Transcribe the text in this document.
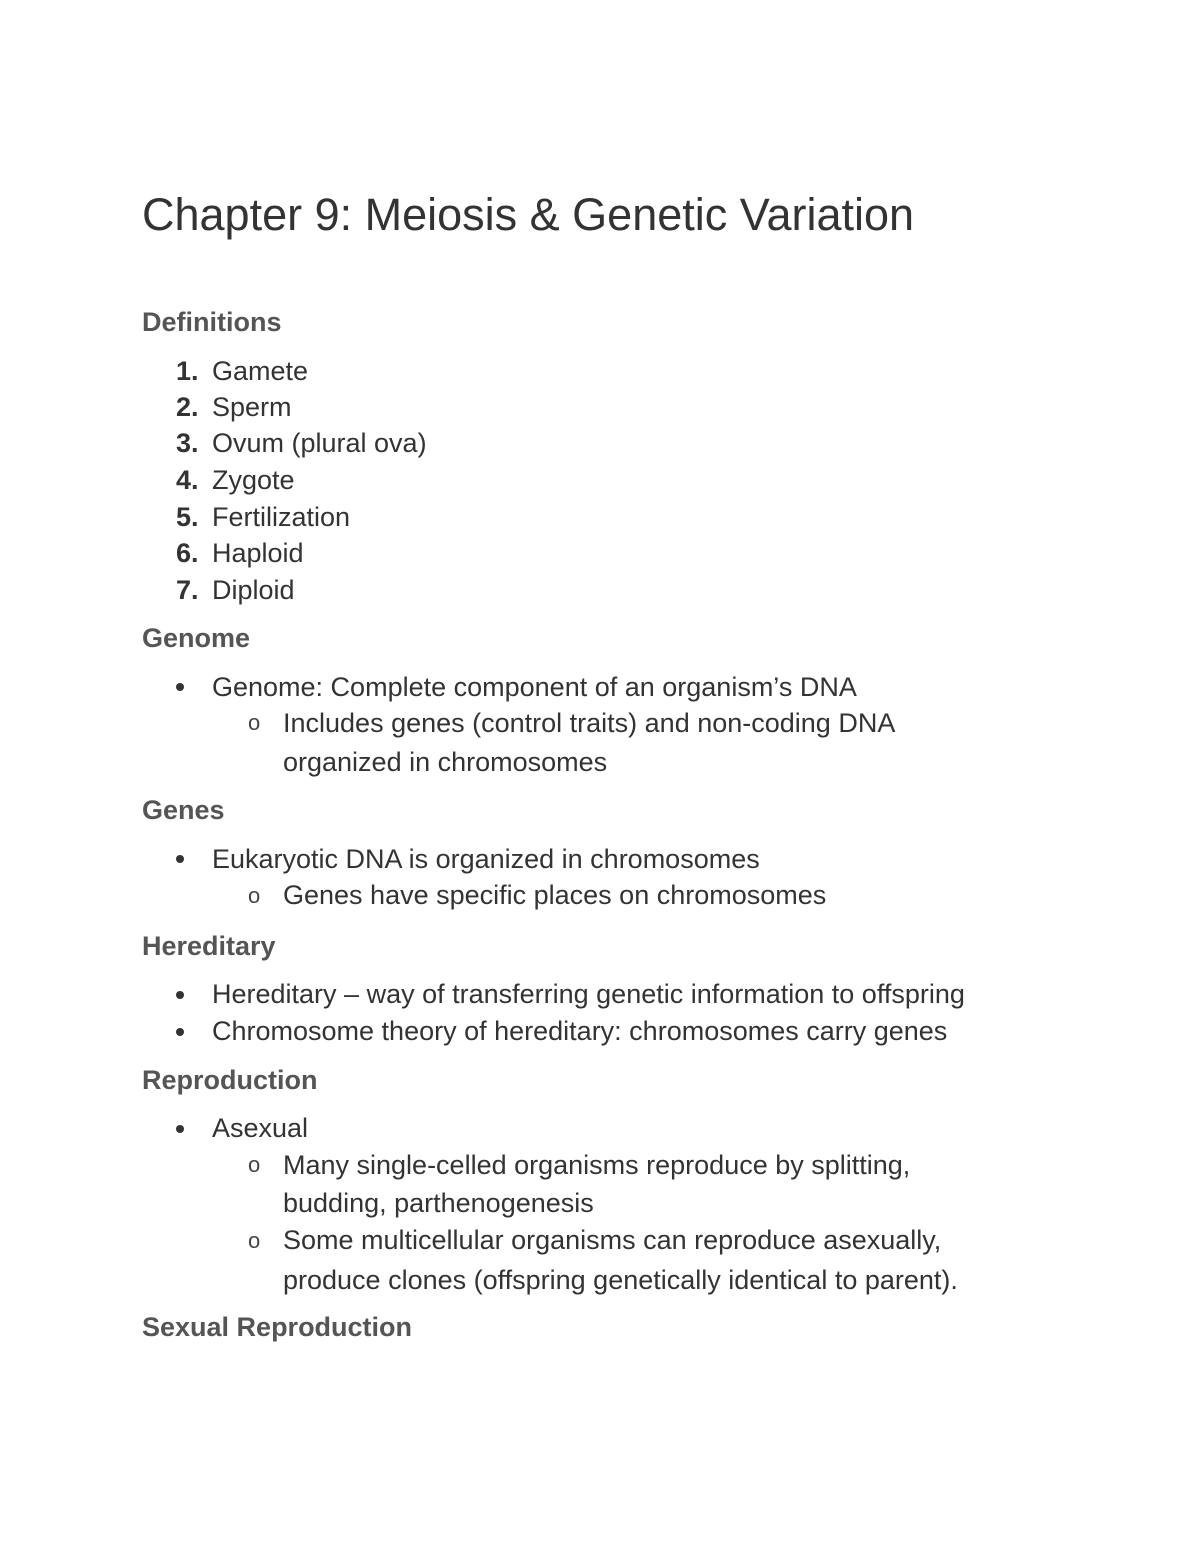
Chapter 9: Meiosis & Genetic Variation
Definitions
1. Gamete
2. Sperm
3. Ovum (plural ova)
4. Zygote
5. Fertilization
6. Haploid
7. Diploid
Genome
Genome: Complete component of an organism’s DNA
o Includes genes (control traits) and non-coding DNA
organized in chromosomes
Genes
Eukaryotic DNA is organized in chromosomes
o Genes have specific places on chromosomes
Hereditary
Hereditary – way of transferring genetic information to offspring
Chromosome theory of hereditary: chromosomes carry genes
Reproduction
Asexual
o Many single-celled organisms reproduce by splitting,
budding, parthenogenesis
o Some multicellular organisms can reproduce asexually,
produce clones (offspring genetically identical to parent).
Sexual Reproduction
